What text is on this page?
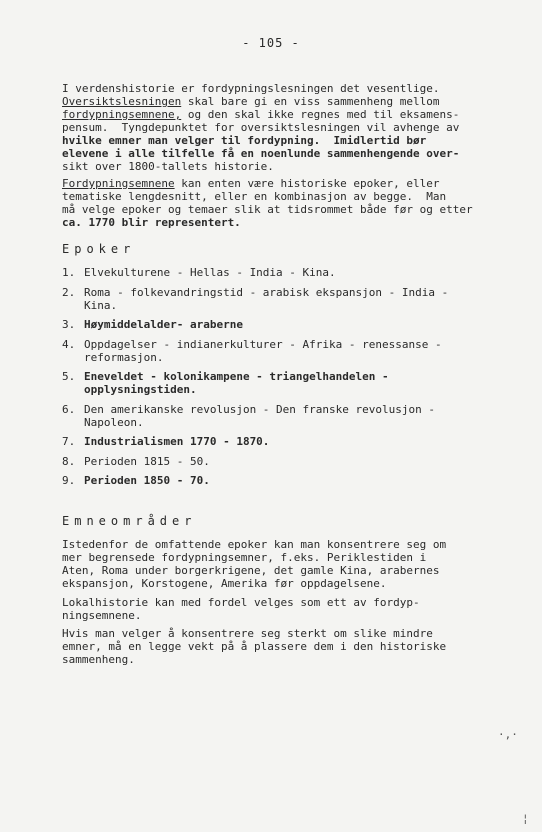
- 105 -
I verdenshistorie er fordypningslesningen det vesentlige.
Oversiktslesningen skal bare gi en viss sammenheng mellom
fordypningsemnene, og den skal ikke regnes med til eksamens-
pensum.  Tyngdepunktet for oversiktslesningen vil avhenge av
hvilke emner man velger til fordypning.  Imidlertid bør
elevene i alle tilfelle få en noenlunde sammenhengende over-
sikt over 1800-tallets historie.
Fordypningsemnene kan enten være historiske epoker, eller
tematiske lengdesnitt, eller en kombinasjon av begge.  Man
må velge epoker og temaer slik at tidsrommet både før og etter
ca. 1770 blir representert.
Epoker
1. Elvekulturene - Hellas - India - Kina.
2. Roma - folkevandringstid - arabisk ekspansjon - India -
Kina.
3. Høymiddelalder- araberne
4. Oppdagelser - indianerkulturer - Afrika - renessanse -
reformasjon.
5. Eneveldet - kolonikampene - triangelhandelen -
opplysningstiden.
6. Den amerikanske revolusjon - Den franske revolusjon -
Napoleon.
7. Industrialismen 1770 - 1870.
8. Perioden 1815 - 50.
9. Perioden 1850 - 70.
Emneområder
Istedenfor de omfattende epoker kan man konsentrere seg om
mer begrensede fordypningsemner, f.eks. Periklestiden i
Aten, Roma under borgerkrigene, det gamle Kina, arabernes
ekspansjon, Korstogene, Amerika før oppdagelsene.
Lokalhistorie kan med fordel velges som ett av fordyp-
ningsemnene.
Hvis man velger å konsentrere seg sterkt om slike mindre
emner, må en legge vekt på å plassere dem i den historiske
sammenheng.
·,·
¦
